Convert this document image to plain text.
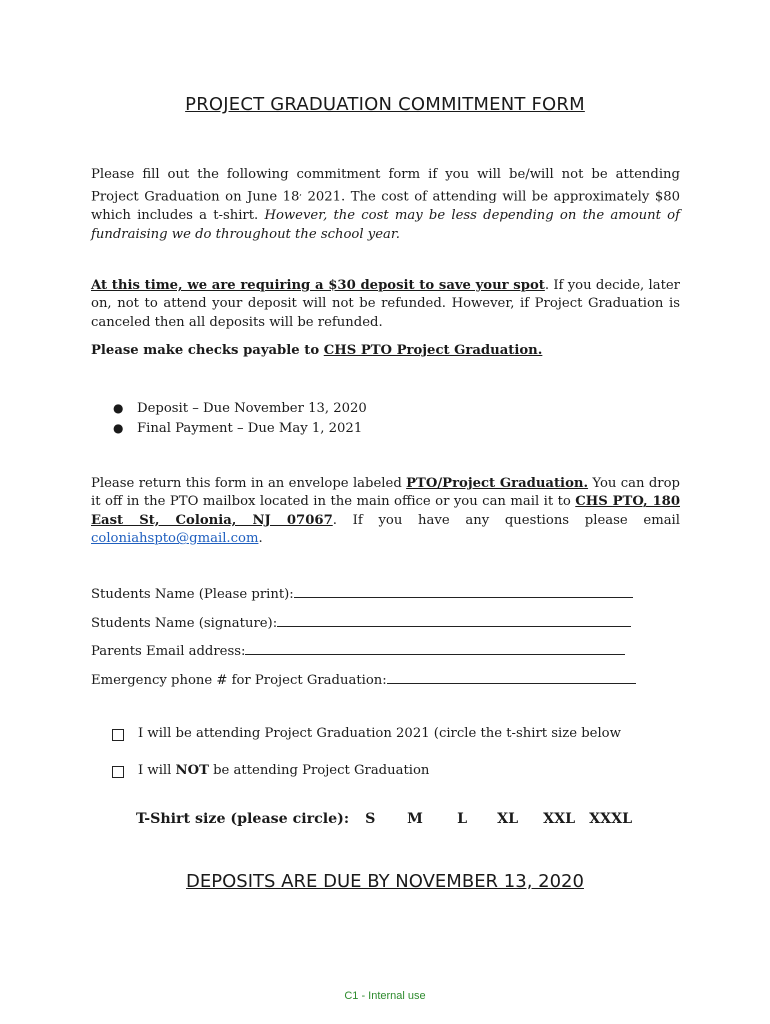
PROJECT GRADUATION COMMITMENT FORM
Please fill out the following commitment form if you will be/will not be attending Project Graduation on June 18, 2021. The cost of attending will be approximately $80 which includes a t-shirt. However, the cost may be less depending on the amount of fundraising we do throughout the school year.
At this time, we are requiring a $30 deposit to save your spot. If you decide, later on, not to attend your deposit will not be refunded. However, if Project Graduation is canceled then all deposits will be refunded.
Please make checks payable to CHS PTO Project Graduation.
●	Deposit – Due November 13, 2020
●	Final Payment – Due May 1, 2021
Please return this form in an envelope labeled PTO/Project Graduation. You can drop it off in the PTO mailbox located in the main office or you can mail it to CHS PTO, 180 East St, Colonia, NJ 07067. If you have any questions please email coloniahspto@gmail.com.
Students Name (Please print):
Students Name (signature):
Parents Email address:
Emergency phone # for Project Graduation:
I will be attending Project Graduation 2021 (circle the t-shirt size below
I will
NOT
be attending Project Graduation
T-Shirt size (please circle): S	M	L	XL	XXL XXXL
DEPOSITS ARE DUE BY NOVEMBER 13, 2020
C1 - Internal use
